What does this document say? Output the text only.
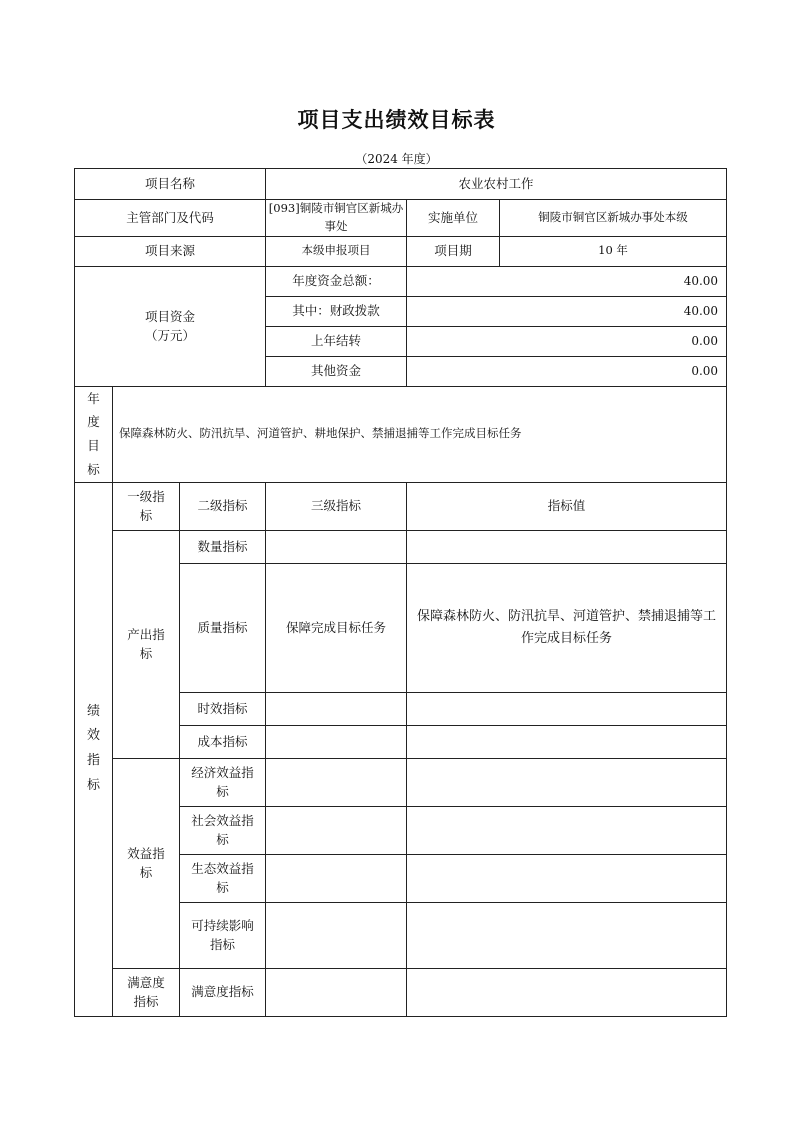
项目支出绩效目标表
（2024 年度）
项目名称			农业农村工作		
主管部门及代码			[093]铜陵市铜官区新城办事处	实施单位	铜陵市铜官区新城办事处本级
项目来源			本级申报项目	项目期	10 年

项目资金
（万元）			年度资金总额：	40.00	
			其中：财政拨款	40.00	
			上年结转	0.00	
			其他资金	0.00	

年
度
目
标	保障森林防火、防汛抗旱、河道管护、耕地保护、禁捕退捕等工作完成目标任务				

绩
效
指
标	一级指标	二级指标	三级指标	指标值	
	产出指标	数量指标			
		质量指标	保障完成目标任务	保障森林防火、防汛抗旱、河道管护、禁捕退捕等工作完成目标任务	
		时效指标			
		成本指标			
	效益指标	经济效益指标			
		社会效益指标			
		生态效益指标			
		可持续影响指标			
	满意度指标	满意度指标			
